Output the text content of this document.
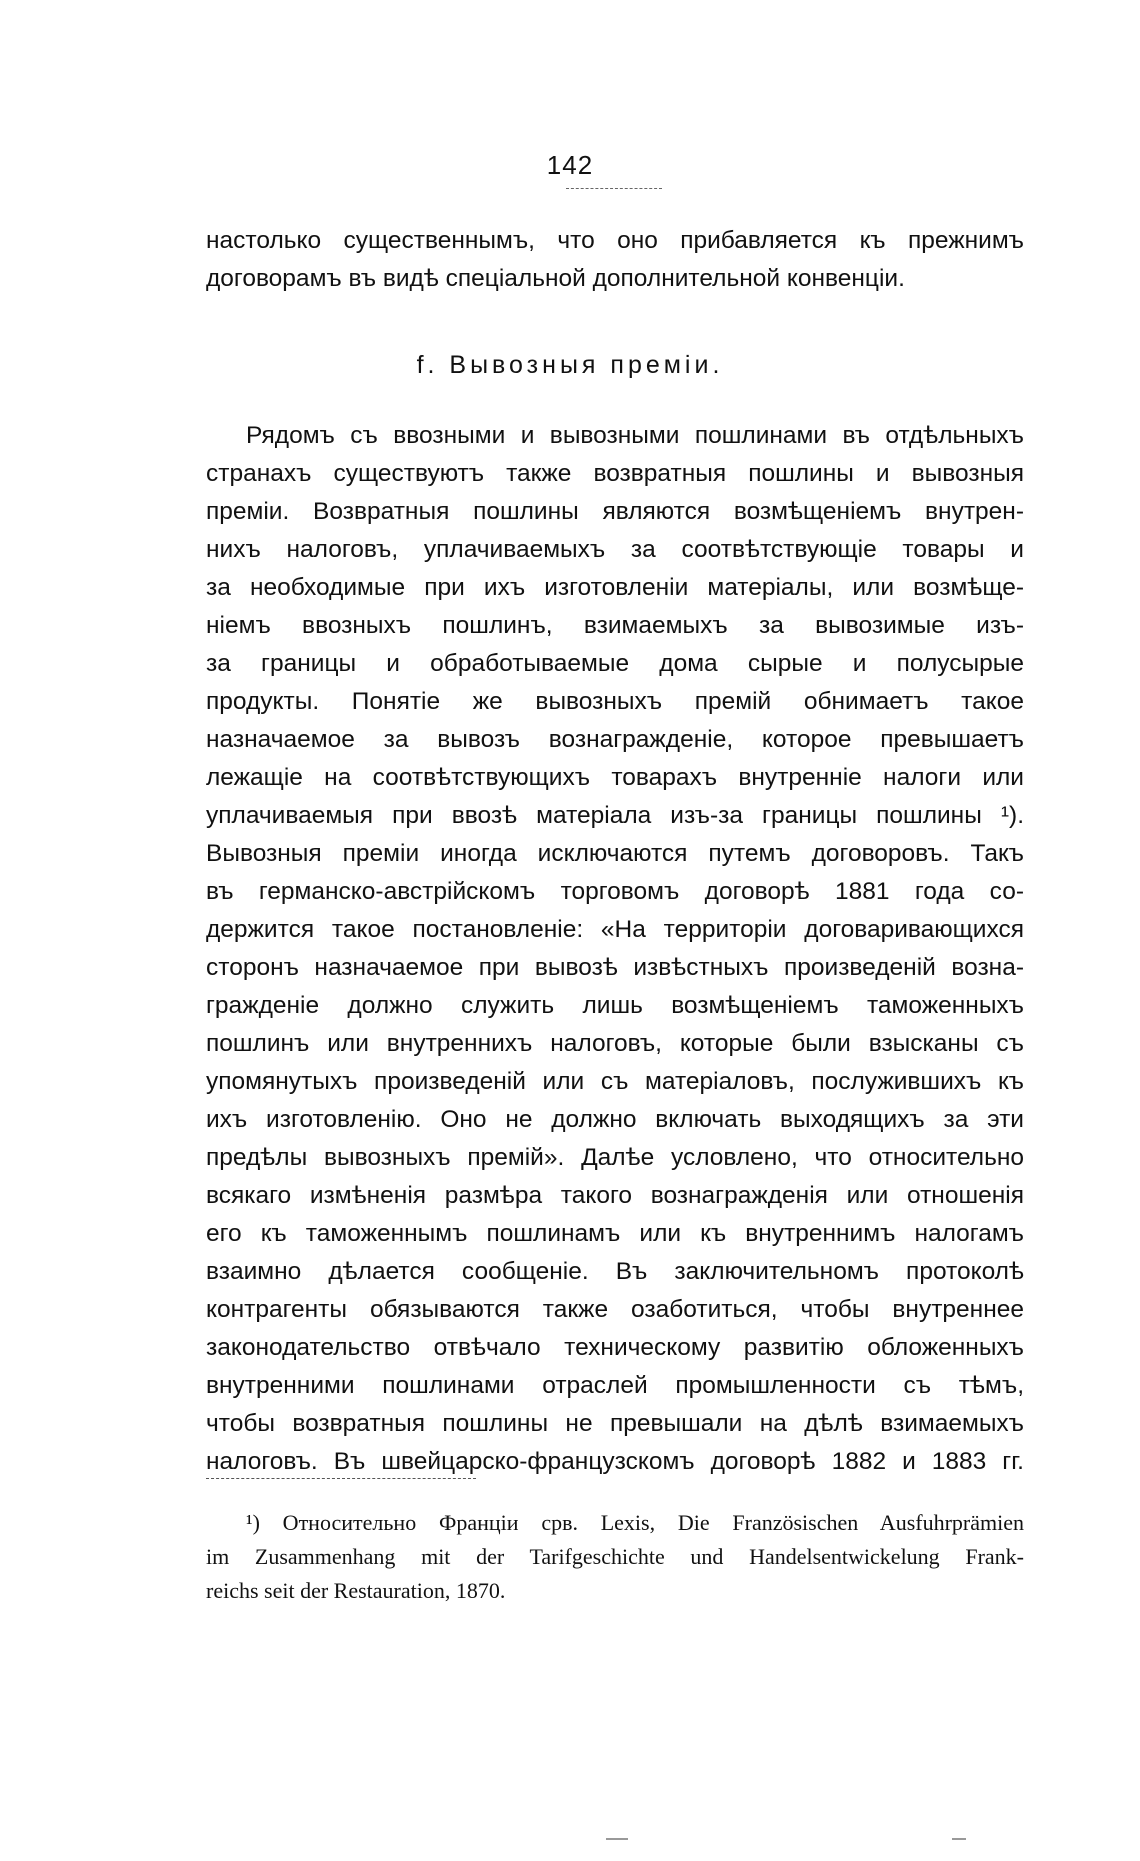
142
настолько существеннымъ, что оно прибавляется къ прежнимъ
договорамъ въ видѣ спеціальной дополнительной конвенціи.
f. Вывозныя преміи.
Рядомъ съ ввозными и вывозными пошлинами въ отдѣльныхъ
странахъ существуютъ также возвратныя пошлины и вывозныя
преміи. Возвратныя пошлины являются возмѣщеніемъ внутрен-
нихъ налоговъ, уплачиваемыхъ за соотвѣтствующіе товары и
за необходимые при ихъ изготовленіи матеріалы, или возмѣще-
ніемъ ввозныхъ пошлинъ, взимаемыхъ за вывозимые изъ-
за границы и обработываемые дома сырые и полусырые
продукты. Понятіе же вывозныхъ премій обнимаетъ такое
назначаемое за вывозъ вознагражденіе, которое превышаетъ
лежащіе на соотвѣтствующихъ товарахъ внутренніе налоги или
уплачиваемыя при ввозѣ матеріала изъ-за границы пошлины ¹).
Вывозныя преміи иногда исключаются путемъ договоровъ. Такъ
въ германско-австрійскомъ торговомъ договорѣ 1881 года со-
держится такое постановленіе: «На территоріи договаривающихся
сторонъ назначаемое при вывозѣ извѣстныхъ произведеній возна-
гражденіе должно служить лишь возмѣщеніемъ таможенныхъ
пошлинъ или внутреннихъ налоговъ, которые были взысканы съ
упомянутыхъ произведеній или съ матеріаловъ, послужившихъ къ
ихъ изготовленію. Оно не должно включать выходящихъ за эти
предѣлы вывозныхъ премій». Далѣе условлено, что относительно
всякаго измѣненія размѣра такого вознагражденія или отношенія
его къ таможеннымъ пошлинамъ или къ внутреннимъ налогамъ
взаимно дѣлается сообщеніе. Въ заключительномъ протоколѣ
контрагенты обязываются также озаботиться, чтобы внутреннее
законодательство отвѣчало техническому развитію обложенныхъ
внутренними пошлинами отраслей промышленности съ тѣмъ,
чтобы возвратныя пошлины не превышали на дѣлѣ взимаемыхъ
налоговъ. Въ швейцарско-французскомъ договорѣ 1882 и 1883 гг.
¹) Относительно Франціи срв. Lexis, Die Französischen Ausfuhrprämien
im Zusammenhang mit der Tarifgeschichte und Handelsentwickelung Frank-
reichs seit der Restauration, 1870.
